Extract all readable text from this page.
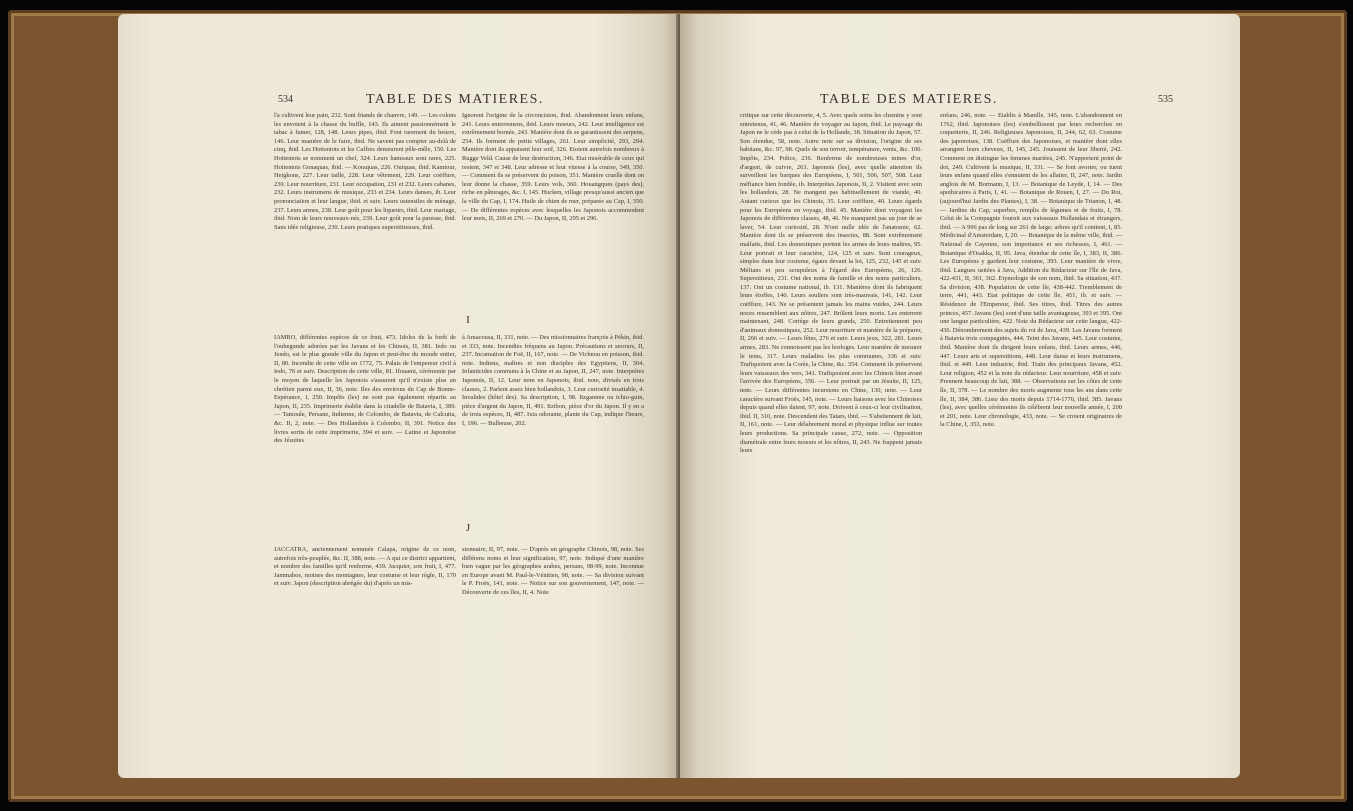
534	TABLE DES MATIERES.
l'a cultivent leur pain, 232. Sont friands de chanvre, 149. — Les colons les envoient à la chasse du buffle, 143. Ils aiment passionnément le tabac à fumer, 128, 148. Leurs pipes, ibid. Font rarement du beurre, 146. Leur manière de le faire, ibid. Ne savent pas compter au-delà de cinq, ibid. Les Hottentots et les Caffres demeurent pêle-mêle, 150. Les Hottentots se nomment un chef, 324. Leurs hameaux sont rares, 225. Hottentots Gonaquas, ibid. — Koraquas, 226. Ouiquas, ibid. Kamtour, Heigkons, 227. Leur taille, 228. Leur vêtement, 229. Leur coëffure, 230. Leur nourriture, 231. Leur occupation, 231 et 232. Leurs cabanes, 232. Leurs instrumens de musique, 233 et 234. Leurs danses, ib. Leur prononciation et leur langue, ibid. et suiv. Leurs ustensiles de ménage, 237. Leurs armes, 238. Leur goût pour les liqueurs, ibid. Leur mariage, ibid. Nom de leurs nouveaux-nés, 239. Leur goût pour la paresse, ibid. Sans idée religieuse, 230. Leurs pratiques superstitieuses, ibid.
Ignorent l'origine de la circoncision, ibid. Abandonnent leurs enfans, 241. Leurs enterremens, ibid. Leurs moeurs, 242. Leur intelligence est extrêmement bornée, 243. Manière dont ils se garantissent des serpens, 254. Ils forment de petits villages, 261. Leur simplicité, 293, 294. Manière dont ils appaisent leur soif, 326. Etoient autrefois nombreux à Rugge Veld. Cause de leur destruction, 346. Etat misérable de ceux qui restent, 347 et 348. Leur adresse et leur vitesse à la course, 349, 350. — Comment ils se préservent du poison, 351. Manière cruelle dont on leur donne la chasse, 359. Leurs vols, 360. Houangques (pays des), riche en pâturages, &c. I, 145. Hucken, village presqu'aussi ancien que la ville du Cap, I, 174. Huile de chien de mer, préparée au Cap, I, 350. — De différentes espèces avec lesquelles les Japonois accommodent leur mets, II, 269 et 270. — Du Japon, II, 295 et 296.
I
IAMBO, différentes espèces de ce fruit, 473. Idoles de la forêt de l'oubegunde adorées par les Javans et les Chinois, II, 381. Iedo ou Jendo, est le plus grande ville du Japon et peut-être du monde entier, II, 80. Incendie de cette ville en 1772, 75. Palais de l'empereur civil à Iedo, 76 et suiv. Description de cette ville, 81. Ifouami, cérémonie par le moyen de laquelle les Japonois s'assurent qu'il n'existe plus un chrétien parmi eux, II, 36, note. Iles des environs du Cap de Bonne-Espérance, I, 250. Impôts (les) ne sont pas également répartis au Japon, II, 235. Imprimerie établie dans la citadelle de Batavia, I, 389. — Tamoule, Persane, Indienne, de Colombo, de Batavia, de Calcutta, &c. II, 2, note. — Des Hollandois à Colombo, II, 391. Notice des livres sortis de cette imprimerie, 394 et suiv. — Latine et Japonoise des Jésuites
à Amacousa, II, 331, note. — Des missionnaires françois à Pékin, ibid. et 333, note. Incendies fréquens au Japon. Précautions et secours, II, 237. Incarnation de Foë, II, 167, note. — De Vichnou en poisson, ibid. note. Indiens, maîtres et non disciples des Egyptiens, II, 304. Infanticides communs à la Chine et au Japon, II, 247, note. Interprètes Japonois, II, 12. Leur nom en Japonois, ibid. note, divisés en trois classes, 2. Parlent assez bien hollandois, 3. Leur curiosité insatiable, 4. Invalides (hôtel des). Sa description, I, 98. Itzgannne ou tchio-guin, pièce d'argent du Japon, II, 491. Itzibon, pièce d'or du Japon. Il y en a de trois espèces, II, 487. Ixia odorante, plante du Cap, indique l'heure, I, 196. — Bulbeuse, 202.
J
JACCATRA, anciennement nommée Calapa, origine de ce nom, autrefois très-peuplée, &c. II, 388, note. — A qui ce district appartient, et nombre des familles qu'il renferme, 439. Jacquier, son fruit, I, 477. Jammabos, moines des montagnes, leur costume et leur règle, II, 170 et suiv. Japon (description abrégée du) d'après un mis-
sionnaire, II, 97, note. — D'après un géographe Chinois, 98, note. Ses différens noms et leur signification, 97, note. Indiqué d'une manière bien vague par les géographes arabes, persans, 98-99, note. Inconnue en Europe avant M. Paul-le-Vénitien, 98, note. — Sa division suivant le P. Froës, 141, note. — Notice sur son gouvernement, 147, note. — Découverte de ces îles, II, 4. Note
TABLE DES MATIERES.	535
critique sur cette découverte, 4, 5. Avec quels soins les chemins y sont entretenus, 41, 46. Manière de voyager au Japon, ibid. Le paysage du Japon ne le cède pas à celui de la Hollande, 38. Situation du Japon, 57. Son étendue, 58, note. Autre note sur sa division, l'origine de ses habitans, &c. 97, 98. Quels de son terroir, température, vents, &c. 100. Impôts, 234. Police, 236. Renferme de nombreuses mines d'or, d'argent, de cuivre, 263. Japonois (les), avec quelle attention ils surveillent les barques des Européens, I, 501, 506, 507, 508. Leur méfiance bien fondée, ib. Interprètes Japonois, II, 2. Visitent avec soin les hollandois, 28. Ne mangent pas habituellement de viande, 40. Autant curieux que les Chinois, 35. Leur coëffure, 40. Leurs égards pour les Européens en voyage, ibid. 45. Manière dont voyagent les Japonois de différentes classes, 48, 46. Ne manquent pas un jour de se laver, 54. Leur curiosité, 28. N'ont nulle idée de l'anatomie, 62. Manière dont ils se préservent des insectes, 88. Sont extrêmement malfaits, ibid. Les domestiques portent les armes de leurs maîtres, 95. Leur portrait et leur caractère, 124, 125 et suiv. Sont courageux, simples dans leur costume, égaux devant la loi, 125, 232, 145 et suiv. Méfians et peu scrupuleux à l'égard des Européens, 26, 126. Superstitieux, 231. Ont des noms de famille et des noms particuliers, 137. Ont un costume national, ib. 131. Manières dont ils fabriquent leurs étoffes, 140. Leurs souliers sont très-mauvais, 141, 142. Leur coëffure, 143. Ne se présentent jamais les mains vuides, 244. Leurs noces ressemblent aux nôtres, 247. Brûlent leurs morts. Les enterrent maintenant, 248. Cortège de leurs grands, 250. Entretiennent peu d'animaux domestiques, 252. Leur nourriture et manière de la préparer, II, 266 et suiv. — Leurs fêtes, 276 et suiv. Leurs jeux, 322, 281. Leurs armes, 283. Ne connoissent pas les horloges. Leur manière de mesurer le tems, 317. Leurs maladies les plus communes, 336 et suiv. Trafiquoient avec la Corée, la Chine, &c. 354. Comment ils préservent leurs vaisseaux des vers, 341. Trafiquoient avec les Chinois bien avant l'arrivée des Européens, 356. — Leur portrait par un Jésuite, II, 125, note. — Leurs différentes incursions en Chine, 130, note. — Leur caractère suivant Froës, 145, note. — Leurs liaisons avec les Chinoises depuis quand elles datent, 97, note. Doivent à ceux-ci leur civilisation, ibid. II, 310, note. Descendent des Tatars, ibid. — S'abstiennent de lait, II, 161, note. — Leur délabrement moral et physique influe sur toutes leurs productions. Sa principale cause, 272, note. — Opposition diamétrale entre leurs moeurs et les nôtres, II, 243. Ne frappent jamais leurs
enfans, 246, note. — Etablis à Manille, 345, note. L'abandonnent en 1762, ibid. Japonoises (les) s'embellissent par leurs recherches en coquetterie, II, 246. Religieuses Japonoises, II, 244, 62, 63. Costume des japonoises, 138. Coëffure des Japonoises, et manière dont elles arrangent leurs cheveux, II, 145, 245. Jouissent de leur liberté, 242. Comment on distingue les femmes mariées, 245. N'apportent point de dot, 249. Cultivent la musique, II, 331. — Se font avorter, ou tuent leurs enfans quand elles s'ennuient de les allaiter, II, 247, note. Jardin anglois de M. Bormann, I, 13. — Botanique de Leyde, I, 14. — Des apothicaires à Paris, I, 41. — Botanique de Rouen, I, 27. — Du Roi, (aujourd'hui Jardin des Plantes), I, 38. — Botanique de Trianon, I, 48. — Jardins du Cap, superbes, remplis de légumes et de fruits, I, 78. Celui de la Compagnie fournit aux vaisseaux Hollandais et étrangers, ibid. — A 996 pas de long sur 261 de large; arbres qu'il contient, I, 85. Médicinal d'Amsterdam, I, 20. — Botanique de la même ville, ibid. — National de Cayenne, son importance et ses richesses, I, 461. — Botanique d'Osakka, II, 95. Java, étendue de cette île, I, 383, II, 386. Les Européens y gardent leur costume, 393. Leur manière de vivre, ibid. Langues usitées à Java, Addition du Rédacteur sur l'île de Java, 422-431, II, 361, 362. Etymologie de son nom, ibid. Sa situation, 437. Sa division, 438. Population de cette île, 438-442. Tremblement de terre, 441, 443. Etat politique de cette île, 451, ib. et suiv. — Résidence de l'Empereur, ibid. Ses titres, ibid. Titres des autres princes, 457. Javans (les) sont d'une taille avantageuse, 393 et 395. Ont une langue particulière, 422. Note du Rédacteur sur cette langue, 422-436. Dénombrement des sujets du roi de Java, 439. Les Javans forment à Batavia trois compagnies, 444. Teint des Javans, 445. Leur costume, ibid. Manière dont ils dirigent leurs enfans, ibid. Leurs armes, 446, 447. Leurs arts et superstitions, 448. Leur danse et leurs instrumens, ibid. et 449. Leur industrie, ibid. Train des principaux Javans, 452. Leur religion, 452 et la note du rédacteur. Leur nourriture, 458 et suiv. Prennent beaucoup de lait, 388. — Observations sur les côtes de cette île, II, 378. — Le nombre des morts augmente tous les ans dans cette île, II, 384, 386. Liste des morts depuis 1714-1776, ibid. 385. Javans (les), avec quelles cérémonies ils célèbrent leur nouvelle année, I, 200 et 201, note. Leur chronologie, 433, note. — Se croient originaires de la Chine, I, 353, note.
